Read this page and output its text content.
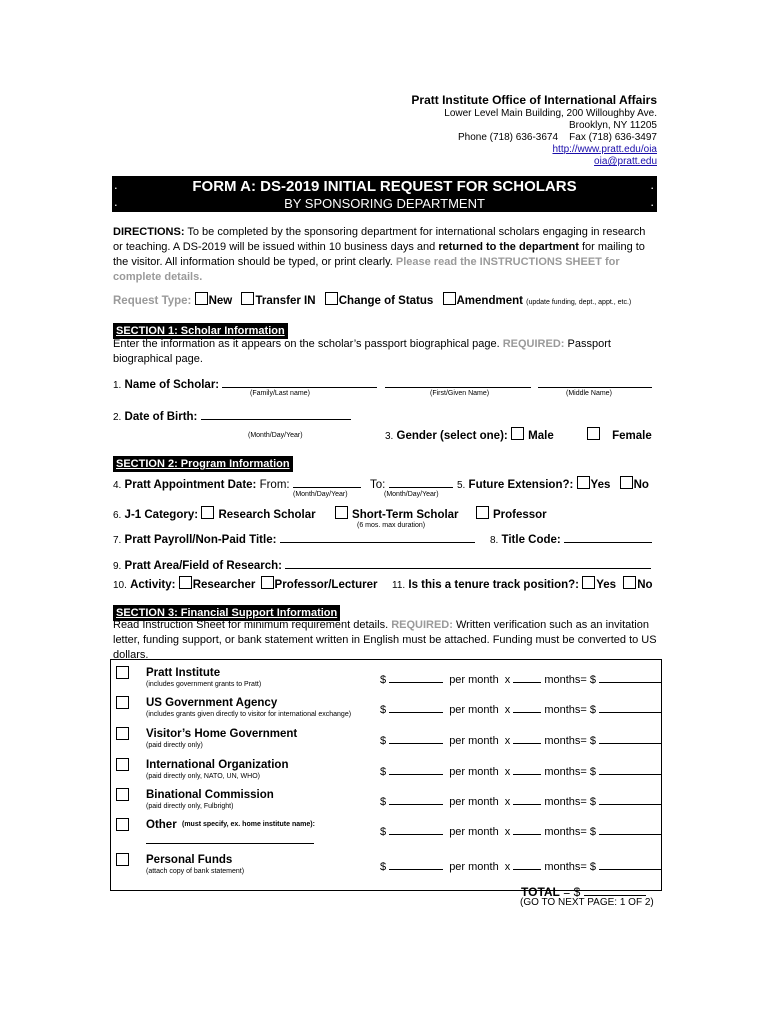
Pratt Institute Office of International Affairs
Lower Level Main Building, 200 Willoughby Ave.
Brooklyn, NY 11205
Phone (718) 636-3674    Fax (718) 636-3497
http://www.pratt.edu/oia
oia@pratt.edu
FORM A: DS-2019 INITIAL REQUEST FOR SCHOLARS
BY SPONSORING DEPARTMENT
.
.
.
.
DIRECTIONS: To be completed by the sponsoring department for international scholars engaging in research or teaching. A DS-2019 will be issued within 10 business days and returned to the department for mailing to the visitor. All information should be typed, or print clearly. Please read the INSTRUCTIONS SHEET for complete details.
Request Type: New Transfer IN Change of Status Amendment (update funding, dept., appt., etc.)
SECTION 1: Scholar Information
Enter the information as it appears on the scholar’s passport biographical page. REQUIRED: Passport biographical page.
1. Name of Scholar:
(Family/Last name)	(First/Given Name)	(Middle Name)
2. Date of Birth:
(Month/Day/Year)	3. Gender (select one): Male	Female
SECTION 2: Program Information
4. Pratt Appointment Date: From:	To:
(Month/Day/Year)	(Month/Day/Year)
5. Future Extension?: Yes No
6. J-1 Category: Research Scholar	Short-Term Scholar	Professor
(6 mos. max duration)
7. Pratt Payroll/Non-Paid Title:	8. Title Code:
9. Pratt Area/Field of Research:
10. Activity: Researcher Professor/Lecturer 11. Is this a tenure track position?: Yes No
SECTION 3: Financial Support Information
Read Instruction Sheet for minimum requirement details. REQUIRED: Written verification such as an invitation letter, funding support, or bank statement written in English must be attached. Funding must be converted to US dollars.
Pratt Institute
(includes government grants to Pratt)	$	per month x	months= $
US Government Agency
(includes grants given directly to visitor for international exchange)	$	per month x	months= $
Visitor’s Home Government
(paid directly only)	$	per month x	months= $
International Organization
(paid directly only, NATO, UN, WHO)	$	per month x	months= $
Binational Commission
(paid directly only, Fulbright)	$	per month x	months= $
Other (must specify, ex. home institute name):
$	per month x	months= $
Personal Funds
(attach copy of bank statement)	$	per month x	months= $
TOTAL = $
(GO TO NEXT PAGE: 1 OF 2)
